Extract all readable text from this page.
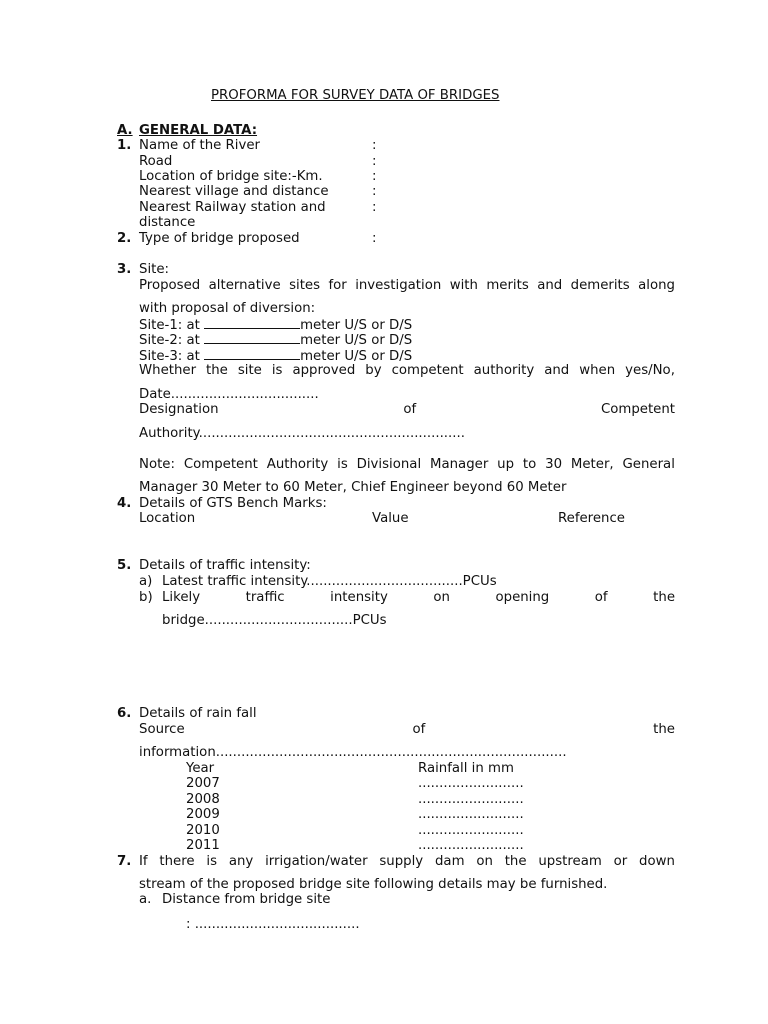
PROFORMA FOR SURVEY DATA OF BRIDGES
A. GENERAL DATA:
1. Name of the River	:
Road	:
Location of bridge site:-Km.	:
Nearest village and distance	:
Nearest Railway station and	:
distance
2. Type of bridge proposed	:
3. Site:
Proposed alternative sites for investigation with merits and demerits along
with proposal of diversion:
Site-1: at	meter U/S or D/S
Site-2: at	meter U/S or D/S
Site-3: at	meter U/S or D/S
Whether the site is approved by competent authority and when yes/No,
Date...................................
Designation	of	Competent
Authority...............................................................
Note: Competent Authority is Divisional Manager up to 30 Meter, General
Manager 30 Meter to 60 Meter, Chief Engineer beyond 60 Meter
4. Details of GTS Bench Marks:
Location	Value	Reference
5. Details of traffic intensity:
a) Latest traffic intensity.....................................PCUs
b) Likely	traffic	intensity	on	opening	of	the
bridge...................................PCUs
6. Details of rain fall
Source	of	the
information...................................................................................
Year	Rainfall in mm
2007	.........................
2008	.........................
2009	.........................
2010	.........................
2011	.........................
7. If there is any irrigation/water supply dam on the upstream or down
stream of the proposed bridge site following details may be furnished.
a. Distance from bridge site
: .......................................
